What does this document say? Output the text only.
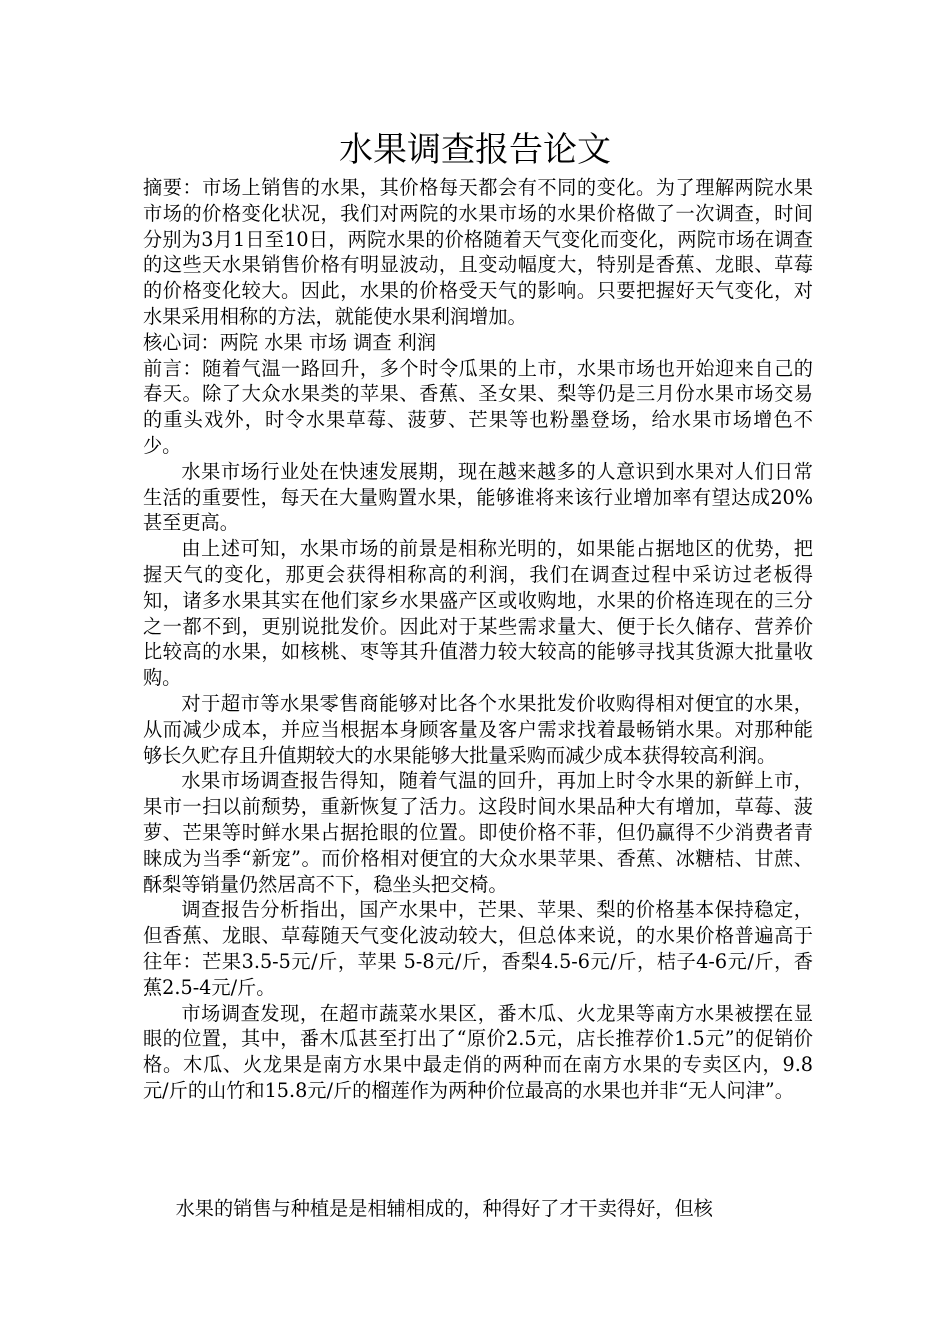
水果调查报告论文

摘要：市场上销售的水果，其价格每天都会有不同的变化。为了理解两院水果市场的价格变化状况，我们对两院的水果市场的水果价格做了一次调查，时间分别为3月1日至10日，两院水果的价格随着天气变化而变化，两院市场在调查的这些天水果销售价格有明显波动，且变动幅度大，特别是香蕉、龙眼、草莓的价格变化较大。因此，水果的价格受天气的影响。只要把握好天气变化，对水果采用相称的方法，就能使水果利润增加。

核心词：两院 水果 市场 调查 利润

前言：随着气温一路回升，多个时令瓜果的上市，水果市场也开始迎来自己的春天。除了大众水果类的苹果、香蕉、圣女果、梨等仍是三月份水果市场交易的重头戏外，时令水果草莓、菠萝、芒果等也粉墨登场，给水果市场增色不少。

水果市场行业处在快速发展期，现在越来越多的人意识到水果对人们日常生活的重要性，每天在大量购置水果，能够谁将来该行业增加率有望达成20%甚至更高。

由上述可知，水果市场的前景是相称光明的，如果能占据地区的优势，把握天气的变化，那更会获得相称高的利润，我们在调查过程中采访过老板得知，诸多水果其实在他们家乡水果盛产区或收购地，水果的价格连现在的三分之一都不到，更别说批发价。因此对于某些需求量大、便于长久储存、营养价比较高的水果，如核桃、枣等其升值潜力较大较高的能够寻找其货源大批量收购。

对于超市等水果零售商能够对比各个水果批发价收购得相对便宜的水果，从而减少成本，并应当根据本身顾客量及客户需求找着最畅销水果。对那种能够长久贮存且升值期较大的水果能够大批量采购而减少成本获得较高利润。

水果市场调查报告得知，随着气温的回升，再加上时令水果的新鲜上市，果市一扫以前颓势，重新恢复了活力。这段时间水果品种大有增加，草莓、菠萝、芒果等时鲜水果占据抢眼的位置。即使价格不菲，但仍赢得不少消费者青睐成为当季“新宠”。而价格相对便宜的大众水果苹果、香蕉、冰糖桔、甘蔗、酥梨等销量仍然居高不下，稳坐头把交椅。

调查报告分析指出，国产水果中，芒果、苹果、梨的价格基本保持稳定，但香蕉、龙眼、草莓随天气变化波动较大，但总体来说，的水果价格普遍高于往年：芒果3.5-5元/斤，苹果 5-8元/斤，香梨4.5-6元/斤，桔子4-6元/斤，香蕉2.5-4元/斤。

市场调查发现，在超市蔬菜水果区，番木瓜、火龙果等南方水果被摆在显眼的位置，其中，番木瓜甚至打出了“原价2.5元，店长推荐价1.5元”的促销价格。木瓜、火龙果是南方水果中最走俏的两种而在南方水果的专卖区内，9.8元/斤的山竹和15.8元/斤的榴莲作为两种价位最高的水果也并非“无人问津”。

水果的销售与种植是是相辅相成的，种得好了才干卖得好，但核
